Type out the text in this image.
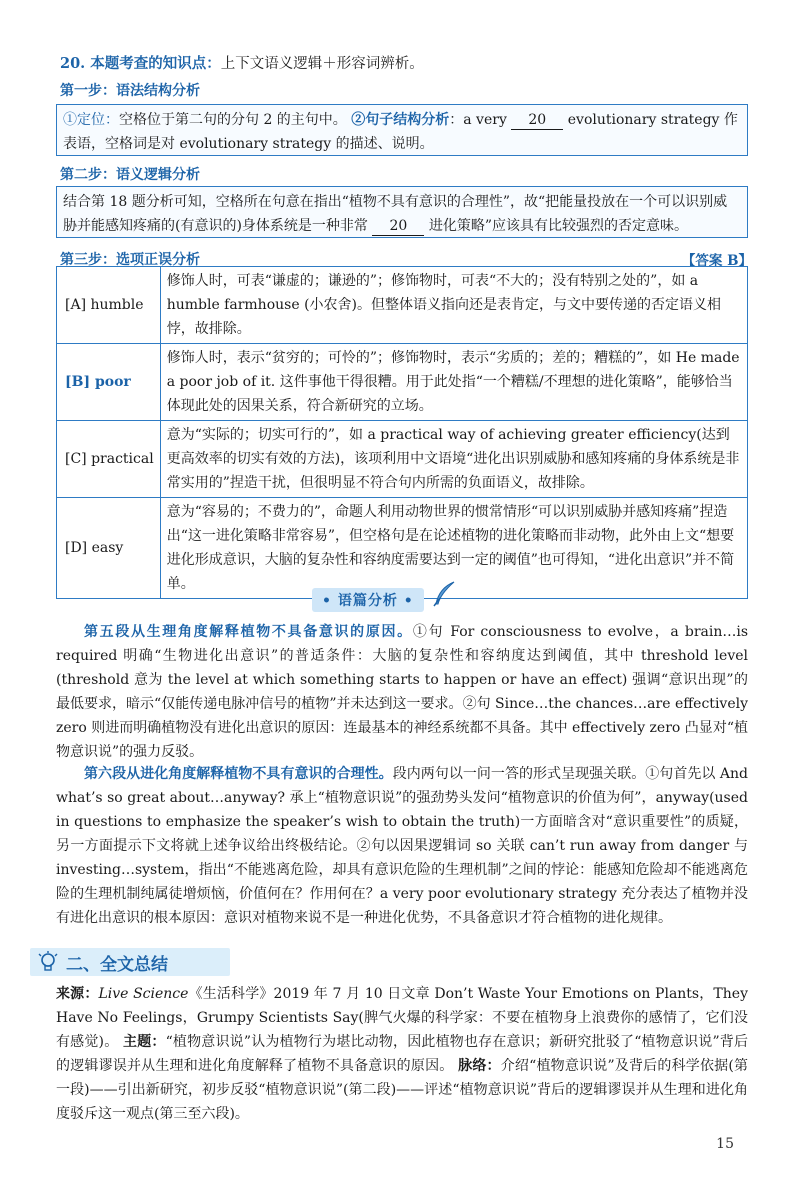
20. 本题考查的知识点：上下文语义逻辑＋形容词辨析。
第一步：语法结构分析
①定位：空格位于第二句的分句 2 的主句中。 ②句子结构分析：a very 20 evolutionary strategy 作表语，空格词是对 evolutionary strategy 的描述、说明。
第二步：语义逻辑分析
结合第 18 题分析可知，空格所在句意在指出“植物不具有意识的合理性”，故“把能量投放在一个可以识别威胁并能感知疼痛的(有意识的)身体系统是一种非常 20 进化策略”应该具有比较强烈的否定意味。
第三步：选项正误分析	【答案 B】
[A] humble	修饰人时，可表“谦虚的；谦逊的”；修饰物时，可表“不大的；没有特别之处的”，如 a humble farmhouse (小农舍)。但整体语义指向还是表肯定，与文中要传递的否定语义相悖，故排除。
[B] poor	修饰人时，表示“贫穷的；可怜的”；修饰物时，表示“劣质的；差的；糟糕的”，如 He made a poor job of it. 这件事他干得很糟。用于此处指“一个糟糕/不理想的进化策略”，能够恰当体现此处的因果关系，符合新研究的立场。
[C] practical	意为“实际的；切实可行的”，如 a practical way of achieving greater efficiency(达到更高效率的切实有效的方法)，该项利用中文语境“进化出识别威胁和感知疼痛的身体系统是非常实用的”捏造干扰，但很明显不符合句内所需的负面语义，故排除。
[D] easy	意为“容易的；不费力的”，命题人利用动物世界的惯常情形“可以识别威胁并感知疼痛”捏造出“这一进化策略非常容易”，但空格句是在论述植物的进化策略而非动物，此外由上文“想要进化形成意识，大脑的复杂性和容纳度需要达到一定的阈值”也可得知，“进化出意识”并不简单。
• 语篇分析 •
第五段从生理角度解释植物不具备意识的原因。①句 For consciousness to evolve，a brain…is required 明确“生物进化出意识”的普适条件：大脑的复杂性和容纳度达到阈值，其中 threshold level (threshold 意为 the level at which something starts to happen or have an effect) 强调“意识出现”的最低要求，暗示“仅能传递电脉冲信号的植物”并未达到这一要求。②句 Since…the chances…are effectively zero 则进而明确植物没有进化出意识的原因：连最基本的神经系统都不具备。其中 effectively zero 凸显对“植物意识说”的强力反驳。
第六段从进化角度解释植物不具有意识的合理性。段内两句以一问一答的形式呈现强关联。①句首先以 And what’s so great about…anyway? 承上“植物意识说”的强劲势头发问“植物意识的价值为何”，anyway(used in questions to emphasize the speaker’s wish to obtain the truth)一方面暗含对“意识重要性”的质疑，另一方面提示下文将就上述争议给出终极结论。②句以因果逻辑词 so 关联 can’t run away from danger 与 investing…system，指出“不能逃离危险，却具有意识危险的生理机制”之间的悖论：能感知危险却不能逃离危险的生理机制纯属徒增烦恼，价值何在？作用何在？a very poor evolutionary strategy 充分表达了植物并没有进化出意识的根本原因：意识对植物来说不是一种进化优势，不具备意识才符合植物的进化规律。
二、全文总结
来源：Live Science《生活科学》2019 年 7 月 10 日文章 Don’t Waste Your Emotions on Plants，They Have No Feelings，Grumpy Scientists Say(脾气火爆的科学家：不要在植物身上浪费你的感情了，它们没有感觉)。 主题：“植物意识说”认为植物行为堪比动物，因此植物也存在意识；新研究批驳了“植物意识说”背后的逻辑谬误并从生理和进化角度解释了植物不具备意识的原因。 脉络：介绍“植物意识说”及背后的科学依据(第一段)——引出新研究，初步反驳“植物意识说”(第二段)——评述“植物意识说”背后的逻辑谬误并从生理和进化角度驳斥这一观点(第三至六段)。
15
